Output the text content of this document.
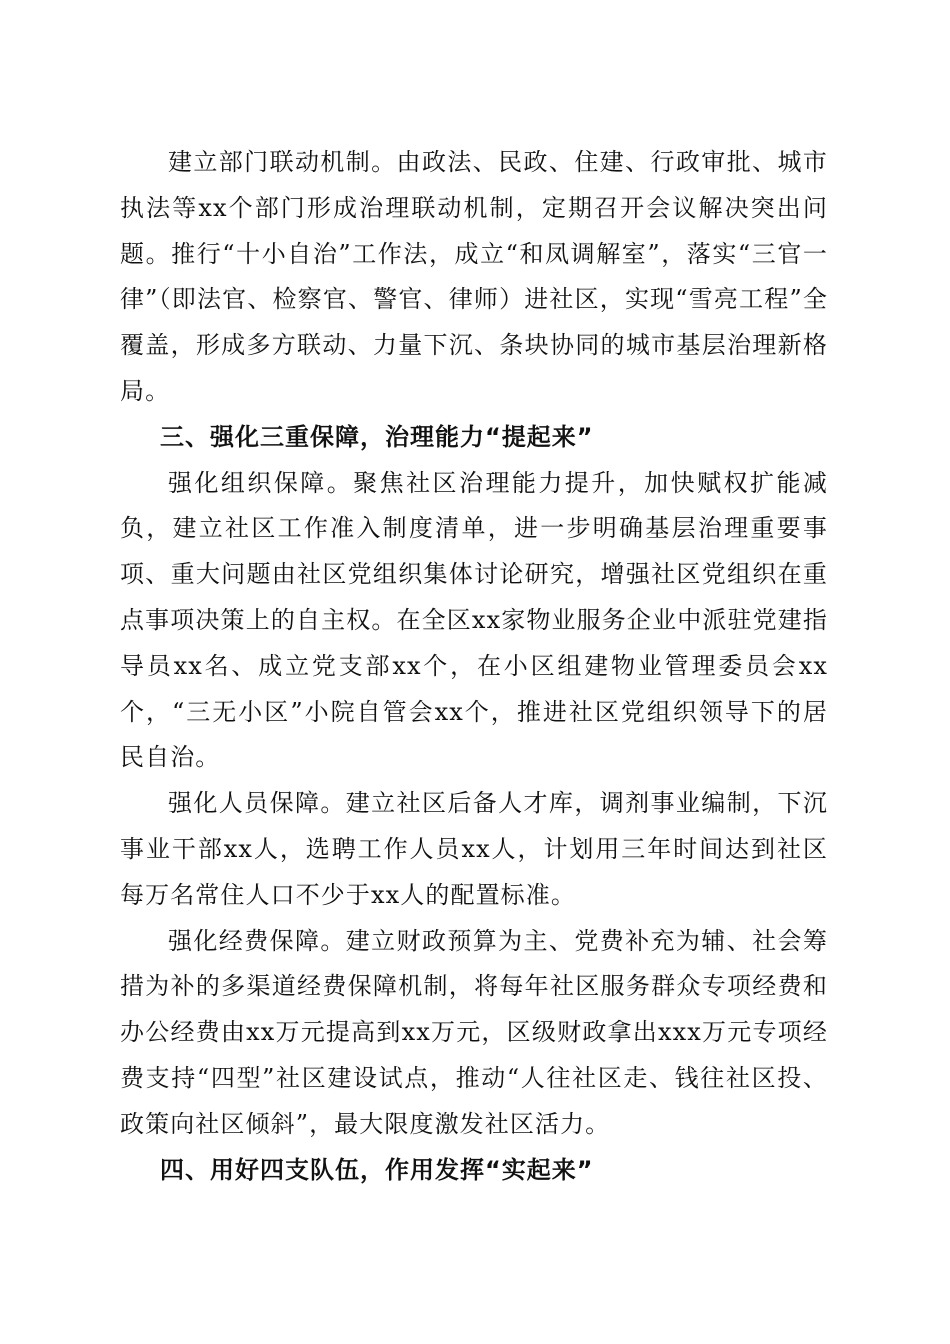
建立部门联动机制。由政法、民政、住建、行政审批、城市执法等xx个部门形成治理联动机制，定期召开会议解决突出问题。推行“十小自治”工作法，成立“和凤调解室”，落实“三官一律”（即法官、检察官、警官、律师）进社区，实现“雪亮工程”全覆盖，形成多方联动、力量下沉、条块协同的城市基层治理新格局。

三、强化三重保障，治理能力“提起来”

强化组织保障。聚焦社区治理能力提升，加快赋权扩能减负，建立社区工作准入制度清单，进一步明确基层治理重要事项、重大问题由社区党组织集体讨论研究，增强社区党组织在重点事项决策上的自主权。在全区xx家物业服务企业中派驻党建指导员xx名、成立党支部xx个，在小区组建物业管理委员会xx个，“三无小区”小院自管会xx个，推进社区党组织领导下的居民自治。

强化人员保障。建立社区后备人才库，调剂事业编制，下沉事业干部xx人，选聘工作人员xx人，计划用三年时间达到社区每万名常住人口不少于xx人的配置标准。

强化经费保障。建立财政预算为主、党费补充为辅、社会筹措为补的多渠道经费保障机制，将每年社区服务群众专项经费和办公经费由xx万元提高到xx万元，区级财政拿出xxx万元专项经费支持“四型”社区建设试点，推动“人往社区走、钱往社区投、政策向社区倾斜”，最大限度激发社区活力。

四、用好四支队伍，作用发挥“实起来”
